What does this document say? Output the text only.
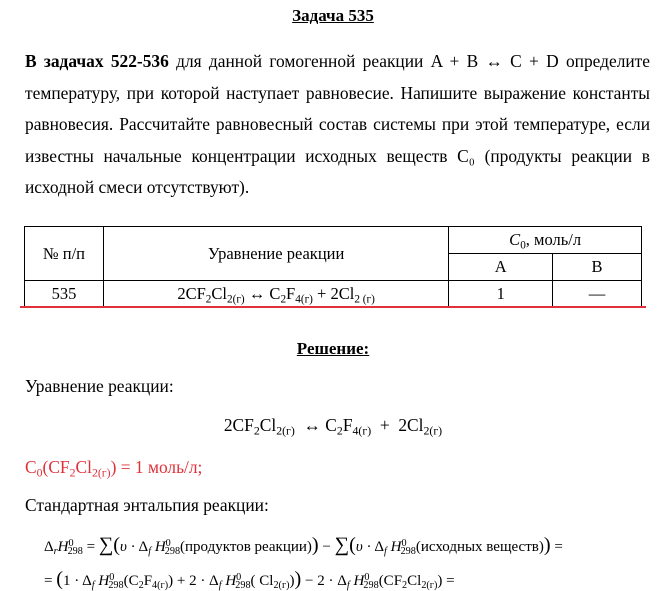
Задача 535
В задачах 522-536 для данной гомогенной реакции A + B ↔ C + D определите температуру, при которой наступает равновесие. Напишите выражение константы равновесия. Рассчитайте равновесный состав системы при этой температуре, если известны начальные концентрации исходных веществ C₀ (продукты реакции в исходной смеси отсутствуют).
№ п/п	Уравнение реакции	$C_0$, моль/л	
		A	B
535	$2CF_2Cl_{2(г)}$ ↔ $C_2F_{4(г)} + 2Cl_{2 (г)}$	1	—
Решение:
Уравнение реакции:
$2CF_2Cl_{2(г)}$  ↔ $C_2F_{4(г)} + 2Cl_{2(г)}$
$C_0(CF_2Cl_{2(г)}) = 1$ моль/л;
Стандартная энтальпия реакции:
$\Delta_rH^0_{298} = \sum(\upsilon \cdot \Delta_f$ $H^0_{298}(продуктов$ реакции)) − $\sum(\upsilon \cdot \Delta_f$ $H^0_{298}(исходных$ веществ)) =
= ($1 \cdot \Delta_f$ $H^0_{298}(C_2F_{4(г)}) + 2 \cdot \Delta_f$ $H^0_{298}$( $Cl_{2(г)})) - 2 \cdot \Delta_f$ $H^0_{298}(CF_2Cl_{2(г)})$ =
